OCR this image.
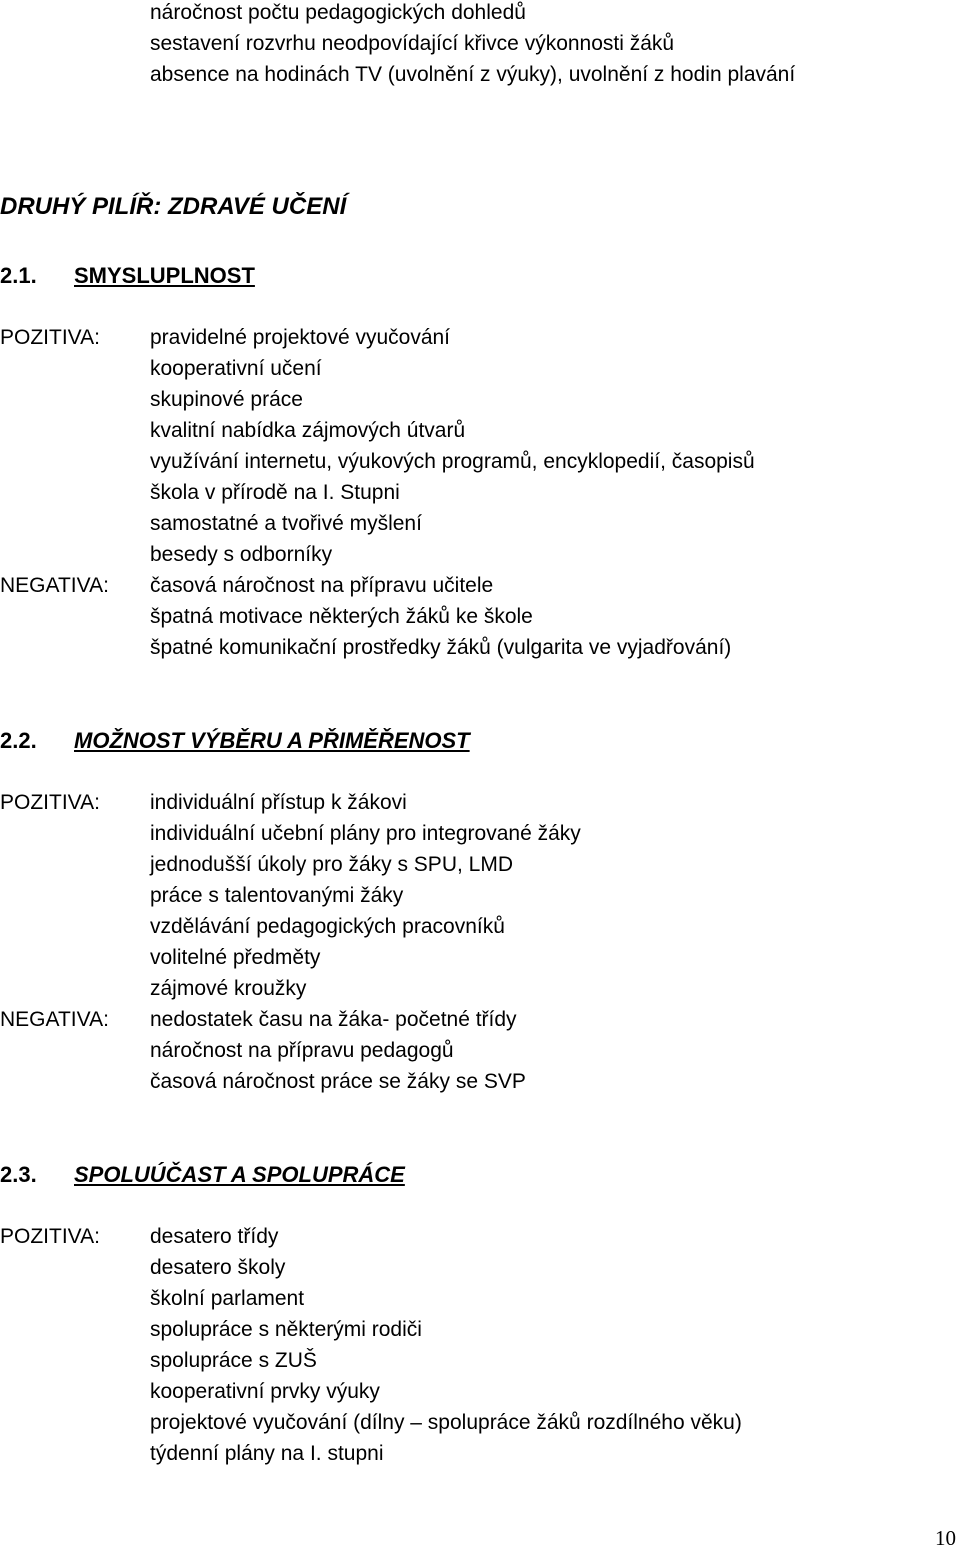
náročnost počtu pedagogických dohledů
sestavení rozvrhu neodpovídající křivce výkonnosti žáků
absence na hodinách TV (uvolnění z výuky), uvolnění z hodin plavání
DRUHÝ PILÍŘ: ZDRAVÉ UČENÍ
2.1. SMYSLUPLNOST
POZITIVA: pravidelné projektové vyučování
kooperativní učení
skupinové práce
kvalitní nabídka zájmových útvarů
využívání internetu, výukových programů, encyklopedií, časopisů
škola v přírodě na I. Stupni
samostatné a tvořivé myšlení
besedy s odborníky
NEGATIVA: časová náročnost na přípravu učitele
špatná motivace některých žáků ke škole
špatné komunikační prostředky žáků (vulgarita ve vyjadřování)
2.2. MOŽNOST VÝBĚRU A PŘIMĚŘENOST
POZITIVA: individuální přístup k žákovi
individuální učební plány pro integrované žáky
jednodušší úkoly pro žáky s SPU, LMD
práce s talentovanými žáky
vzdělávání pedagogických pracovníků
volitelné předměty
zájmové kroužky
NEGATIVA: nedostatek času na žáka- početné třídy
náročnost na přípravu pedagogů
časová náročnost práce se žáky se SVP
2.3. SPOLUÚČAST A SPOLUPRÁCE
POZITIVA: desatero třídy
desatero školy
školní parlament
spolupráce s některými rodiči
spolupráce s ZUŠ
kooperativní prvky výuky
projektové vyučování (dílny – spolupráce žáků rozdílného věku)
týdenní plány na I. stupni
10
